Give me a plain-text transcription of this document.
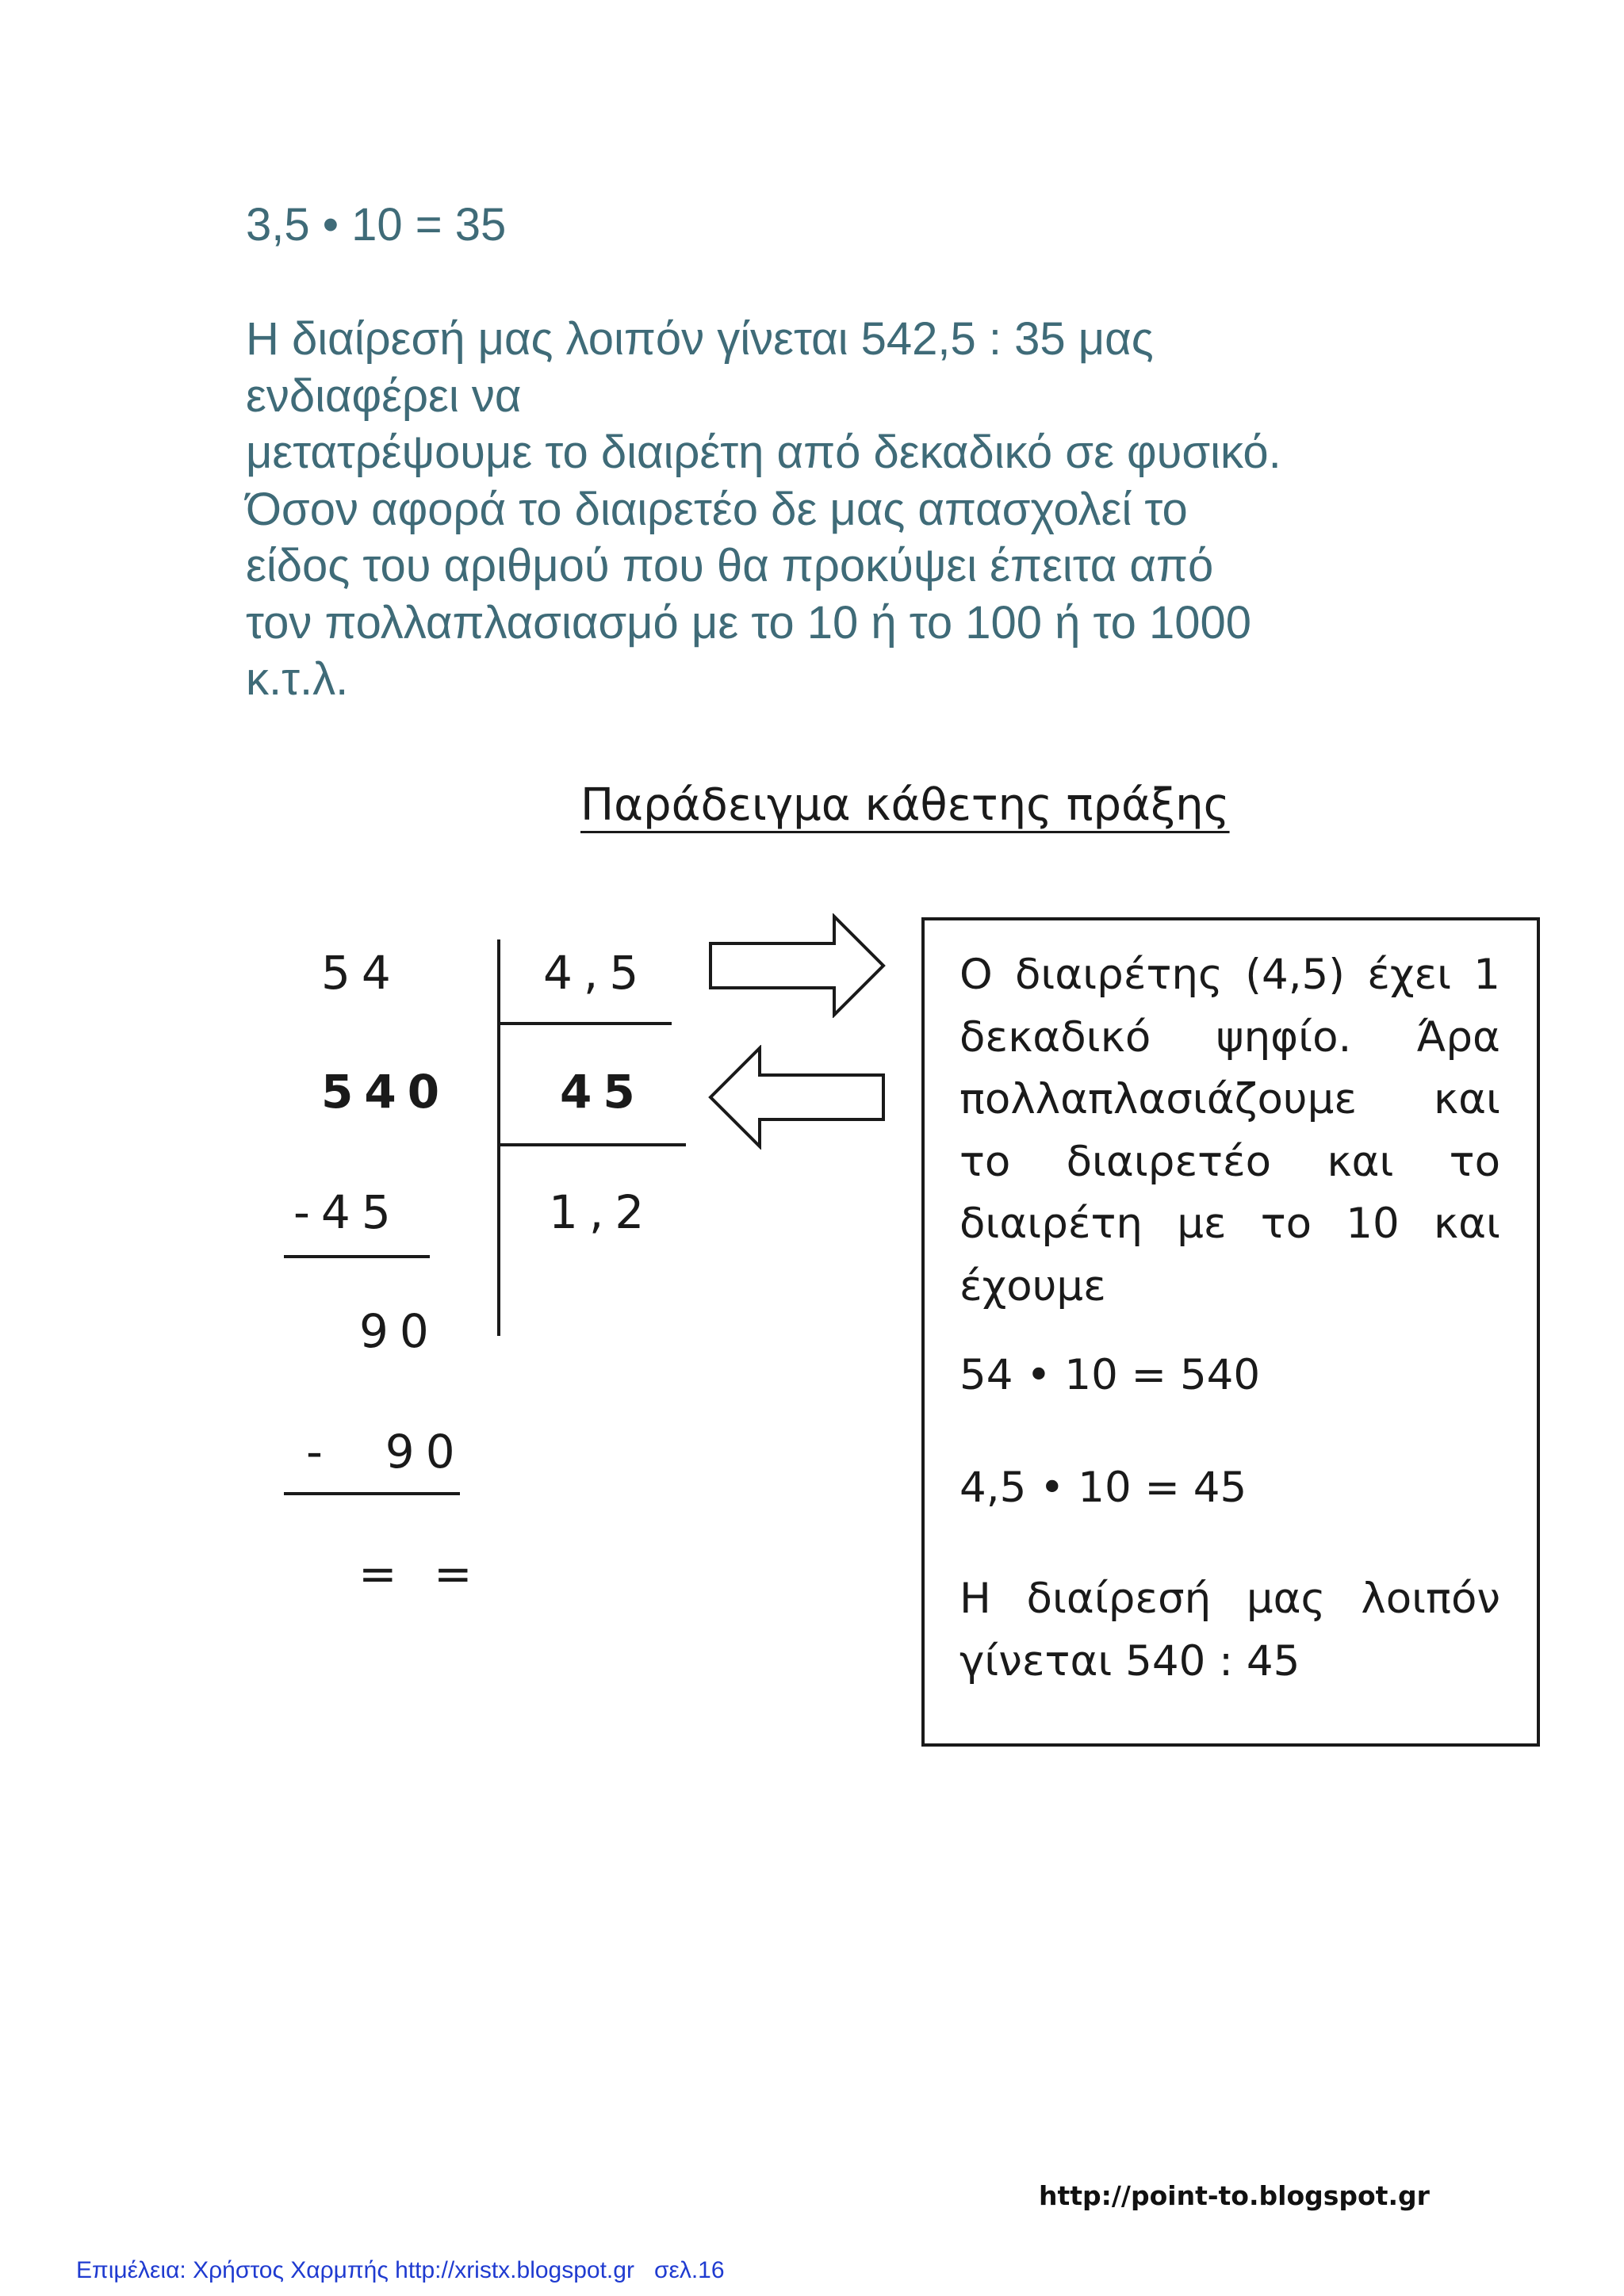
3,5 • 10 = 35
Η διαίρεσή μας λοιπόν γίνεται 542,5 : 35 μας
ενδιαφέρει να
μετατρέψουμε το διαιρέτη από δεκαδικό σε φυσικό.
Όσον αφορά το διαιρετέο δε μας απασχολεί το
είδος του αριθμού που θα προκύψει έπειτα από
τον πολλαπλασιασμό με το 10 ή το 100 ή το 1000
κ.τ.λ.
Παράδειγμα κάθετης πράξης
54	4,5
540 45
-45	1,2
90
-  90
= =

Ο διαιρέτης (4,5) έχει 1 δεκαδικό ψηφίο. Άρα πολλαπλασιάζουμε και το διαιρετέο και το διαιρέτη με το 10 και έχουμε

54 • 10 = 540
4,5 • 10 = 45

Η διαίρεσή μας λοιπόν γίνεται 540 : 45

http://point-to.blogspot.gr
Επιμέλεια: Χρήστος Χαρμπής http://xristx.blogspot.gr   σελ.16
